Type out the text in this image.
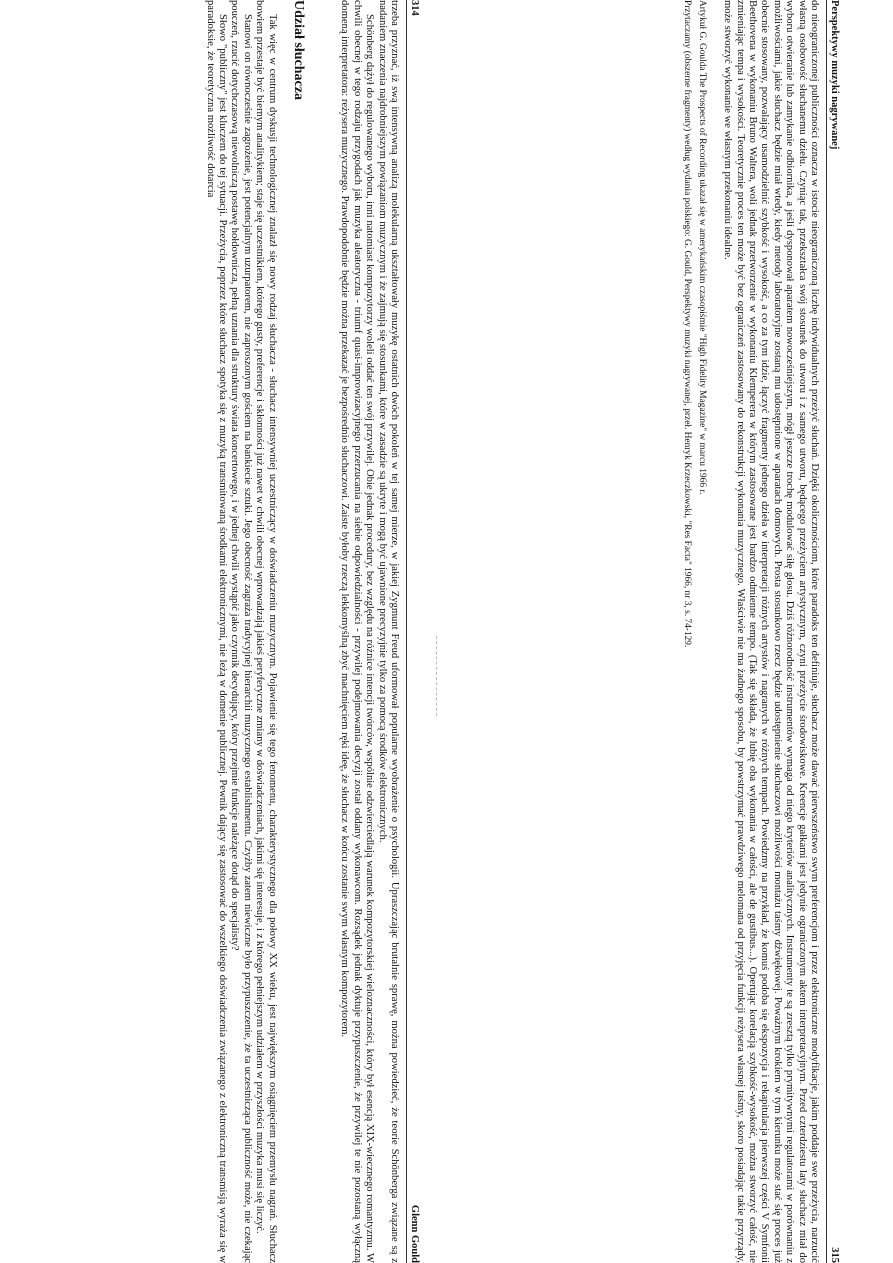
314
Glenn Gould

trzeba przyznać, iż swą intensywną analizą molekularną ukształtowały muzykę ostatnich dwóch pokoleń w tej samej mierze, w jakiej Zygmunt Freud uformował popularne wyobrażenie o psychologii. Upraszczając brutalnie sprawę, można powiedzieć, że teorie Schönberga związane są z nadaniem znaczenia najdrobniejszym powiązaniom muzycznym i że zajmują się stosunkami, które w zasadzie są ukryte i mogą być ujawnione precyzyjnie tylko za pomocą środków elektronicznych.

Schönberg dążył do regulowanego wyboru, inni natomiast kompozytorzy woleli oddać ten swój przywilej. Obie jednak procedury, bez względu na różnice intencji twórców, wspólnie odzwierciedlają warunek kompozytorskiej wieloznaczności, który był esencją XIX-wiecznego romantyzmu. W chwili obecnej w tego rodzaju przygodach jak muzyka aleatoryczna - triumf quasi-improwizacyjnego przerzucania na siebie odpowiedzialności - przywilej podejmowania decyzji został oddany wykonawcom. Rozsądek jednak dyktuje przypuszczenie, że przywilej te nie pozostaną wyłączną domeną interpretatora: reżysera muzycznego. Prawdopodobnie będzie można przekazać je bezpośrednio słuchaczowi. Zaiste byłoby rzeczą lekkomyślną zbyć machnięciem ręki ideę, że słuchacz w końcu zostanie swym własnym kompozytorem.

Udział słuchacza

Tak więc w centrum dyskusji technologicznej znalazł się nowy rodzaj słuchacza - słuchacz intensywniej uczestniczący w doświadczeniu muzycznym. Pojawienie się tego fenomenu, charakterystycznego dla połowy XX wieku, jest największym osiągnięciem przemysłu nagrań. Słuchacz bowiem przestaje być biernym analitykiem; staje się uczestnikiem, którego gusty, preferencje i skłonności już nawet w chwili obecnej wprowadzają jakieś peryferyczne zmiany w doświadczeniach, jakimi się interesuje, i z którego pełniejszym udziałem w przyszłości muzyka musi się liczyć.

Stanowi on równocześnie zagrożenie, jest potencjalnym uzurpatorem, nie zaproszonym gościem na bankiecie sztuki. Jego obecność zagraża tradycyjnej hierarchii muzycznego establishmentu. Czyżby zatem niewiczne było przypuszczenie, że ta uczestnicząca publiczność może, nie czekając pouczeń, rzucić dotychczasową niewolniczą postawę hołdownicza, pełną uznania dla struktury świata koncertowego, i w jednej chwili wystąpić jako czynnik decydujący, który przejmie funkcje należące dotąd do specjalisty?

Słowo "publiczny" jest kluczem do tej sytuacji. Przeżycia, poprzez które słuchacz spotyka się z muzyką transmitowaną środkami elektronicznymi, nie leżą w domenie publicznej. Pewnik dający się zastosować do wszelkiego doświadczenia związanego z elektroniczną transmisją wyraża się w paradoksie, że teoretyczna możliwość dotarcia	Perspektywy muzyki nagrywanej
315

do nieograniczonej publiczności oznacza w istocie nieograniczoną liczbę indywidualnych przeżyć słuchań. Dzięki okolicznościom, które paradoks ten definiuje, słuchacz może dawać pierwszeństwo swym preferencjom i przez elektroniczne modyfikacje, jakim poddaje swe przeżycia, narzucić własną osobowość słuchanemu dziełu. Czyniąc tak, przekształca swój stosunek do utworu i z samego utworu, będącego przeżyciem artystycznym, czyni przeżycie środowiskowe. Kreencje gałkami jest jedynie ograniczonym aktem interpretacyjnym. Przed czterdziestu laty słuchacz miał do wyboru otwieranie lub zamykanie odbiornika, a jeśli dysponował aparatem nowocześniejszym, mógł jeszcze trochę modulować siłę głosu. Dziś różnorodność instrumentów wymaga od niego kryteriów analitycznych. Instrumenty te są zresztą tylko prymitywnymi regulatorami w porównaniu z możliwościami, jakie słuchacz będzie miał wtedy, kiedy metody laboratoryjne zostaną mu udostępnione w aparatach domowych. Prosta stosunkowo rzecz będzie udostępnienie słuchaczowi możliwości montażu taśmy dźwiękowej. Poważnym krokiem w tym kierunku może stać się proces już obecnie stosowany, pozwalający usamodzielnić szybkość i wysokość, a co za tym idzie, łączyć fragmenty jednego dzieła w interpretacji różnych artystów i nagranych w różnych tempach. Powiedzmy na przykład, że komuś podoba się ekspozycja i rekapitulacja pierwszej części V Symfonii Beethovena w wykonaniu Bruno Waltera, woli jednak przetworzenie w wykonaniu Klemperera w którym zastosowane jest bardzo odmienne tempo. (Tak się składa, że lubię oba wykonania w całości, ale de gustibus...). Operując korelacją szybkość-wysokość, można stworzyć całość, nie zmieniając tempa i wysokości. Teoretycznie proces ten może być bez ograniczeń zastosowany do rekonstrukcji wykonania muzycznego. Właściwie nie ma żadnego sposobu, by powstrzymać prawdziwego melomana od przyjęcia funkcji reżysera własnej taśmy, skoro posiadając takie przyrządy, może stworzyć wykonanie we własnym przekonaniu idealne.

Artykuł G. Goulda The Prospects of Recording ukazał się w amerykańskim czasopiśmie "High Fidelity Magazine" w marcu 1966 r.

Przytaczamy (obszerne fragmenty) według wydania polskiego: G. Gould, Perspektywy muzyki nagrywanej, przeł. Henryk Krzeczkowski, "Res Facta" 1966, nr 3, s. 74-129.
